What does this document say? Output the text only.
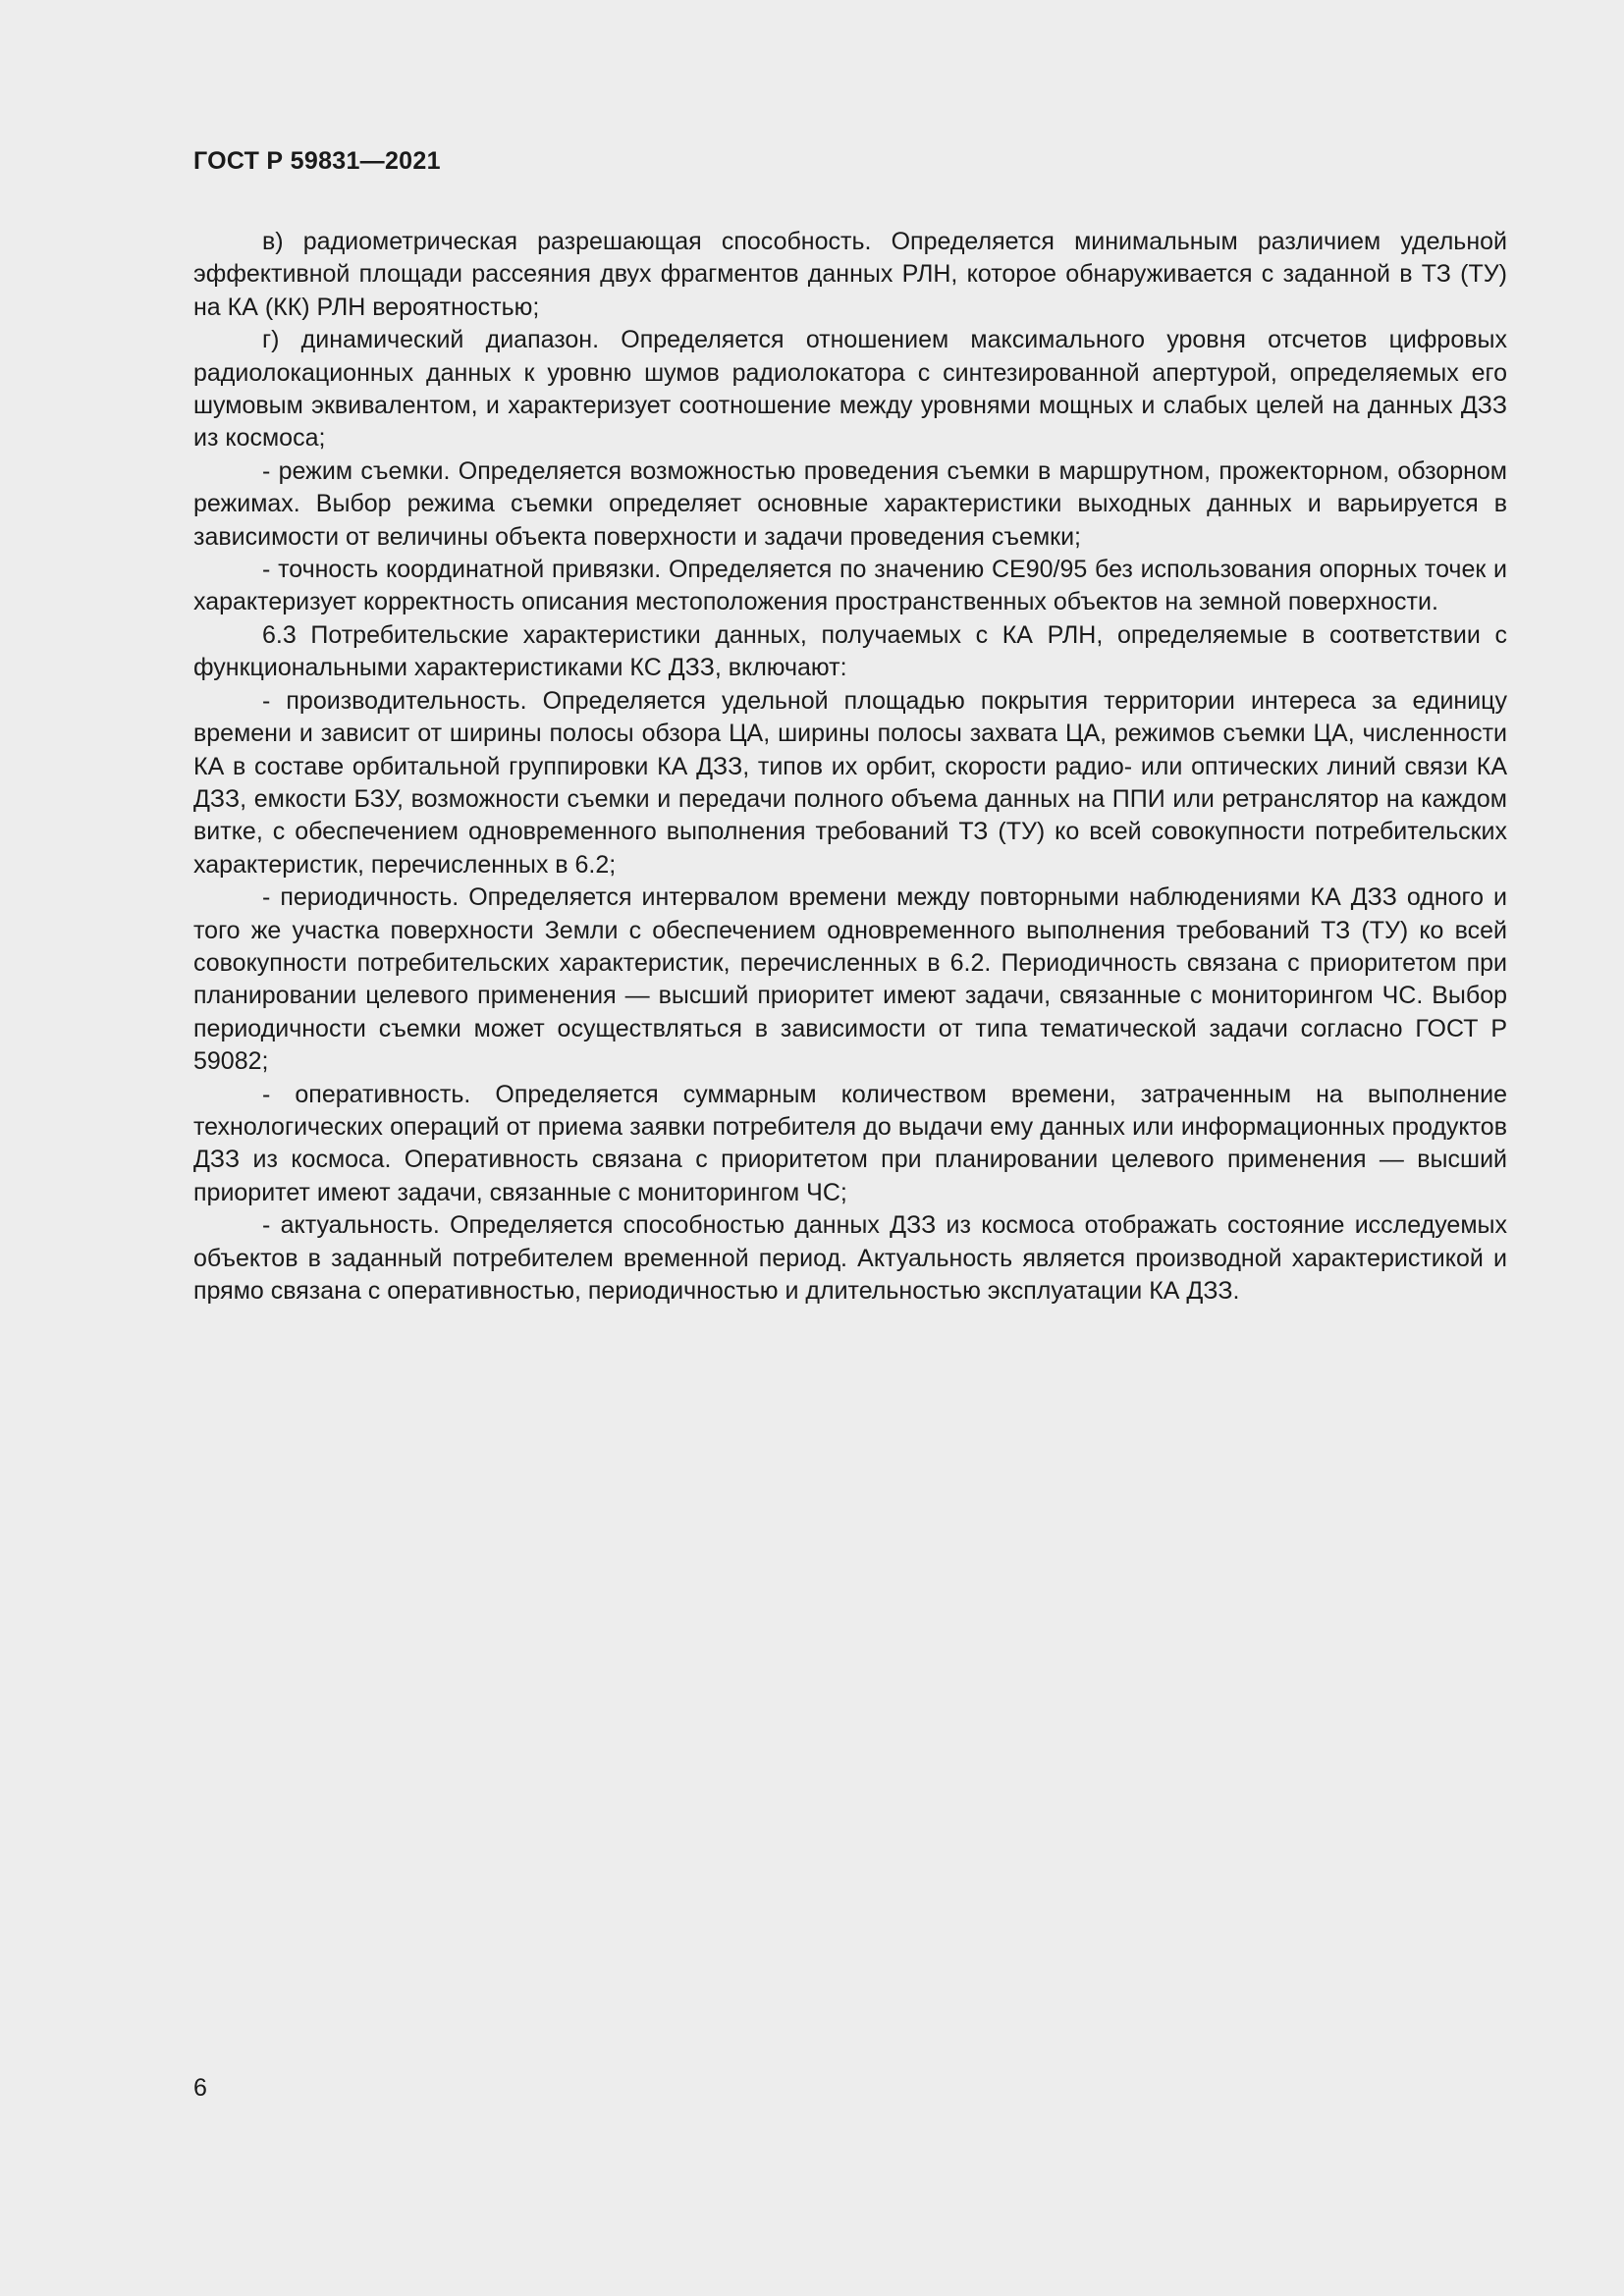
ГОСТ Р 59831—2021

в) радиометрическая разрешающая способность. Определяется минимальным различием удельной эффективной площади рассеяния двух фрагментов данных РЛН, которое обнаруживается с заданной в ТЗ (ТУ) на КА (КК) РЛН вероятностью;

г) динамический диапазон. Определяется отношением максимального уровня отсчетов цифровых радиолокационных данных к уровню шумов радиолокатора с синтезированной апертурой, определяемых его шумовым эквивалентом, и характеризует соотношение между уровнями мощных и слабых целей на данных ДЗЗ из космоса;

- режим съемки. Определяется возможностью проведения съемки в маршрутном, прожекторном, обзорном режимах. Выбор режима съемки определяет основные характеристики выходных данных и варьируется в зависимости от величины объекта поверхности и задачи проведения съемки;

- точность координатной привязки. Определяется по значению CE90/95 без использования опорных точек и характеризует корректность описания местоположения пространственных объектов на земной поверхности.

6.3 Потребительские характеристики данных, получаемых с КА РЛН, определяемые в соответствии с функциональными характеристиками КС ДЗЗ, включают:

- производительность. Определяется удельной площадью покрытия территории интереса за единицу времени и зависит от ширины полосы обзора ЦА, ширины полосы захвата ЦА, режимов съемки ЦА, численности КА в составе орбитальной группировки КА ДЗЗ, типов их орбит, скорости радио- или оптических линий связи КА ДЗЗ, емкости БЗУ, возможности съемки и передачи полного объема данных на ППИ или ретранслятор на каждом витке, с обеспечением одновременного выполнения требований ТЗ (ТУ) ко всей совокупности потребительских характеристик, перечисленных в 6.2;

- периодичность. Определяется интервалом времени между повторными наблюдениями КА ДЗЗ одного и того же участка поверхности Земли с обеспечением одновременного выполнения требований ТЗ (ТУ) ко всей совокупности потребительских характеристик, перечисленных в 6.2. Периодичность связана с приоритетом при планировании целевого применения — высший приоритет имеют задачи, связанные с мониторингом ЧС. Выбор периодичности съемки может осуществляться в зависимости от типа тематической задачи согласно ГОСТ Р 59082;

- оперативность. Определяется суммарным количеством времени, затраченным на выполнение технологических операций от приема заявки потребителя до выдачи ему данных или информационных продуктов ДЗЗ из космоса. Оперативность связана с приоритетом при планировании целевого применения — высший приоритет имеют задачи, связанные с мониторингом ЧС;

- актуальность. Определяется способностью данных ДЗЗ из космоса отображать состояние исследуемых объектов в заданный потребителем временной период. Актуальность является производной характеристикой и прямо связана с оперативностью, периодичностью и длительностью эксплуатации КА ДЗЗ.

6
